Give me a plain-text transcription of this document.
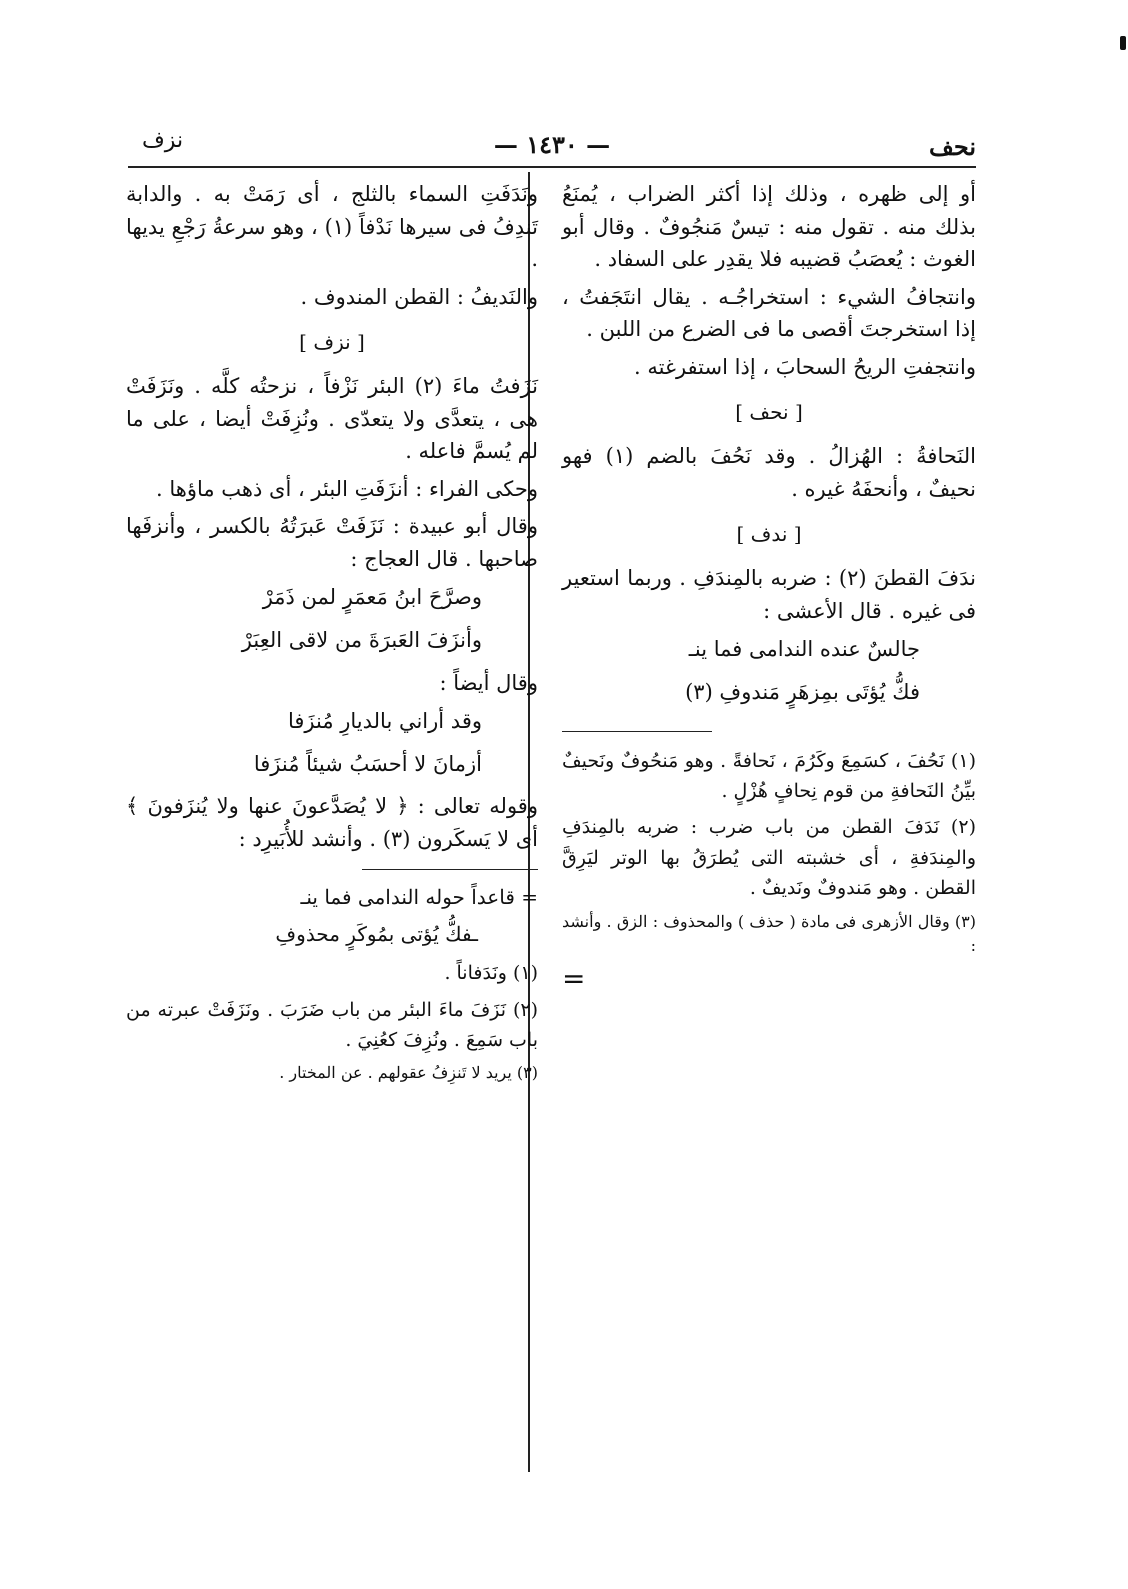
نحف
— ١٤٣٠ —
نزف

أو إلى ظهره ، وذلك إذا أكثر الضراب ، يُمنَعُ بذلك منه . تقول منه : تيسٌ مَنجُوفٌ . وقال أبو الغوث : يُعصَبُ قضيبه فلا يقدِر على السفاد .

وانتجافُ الشيء : استخراجُـه . يقال انتَجَفتُ ، إذا استخرجتَ أقصى ما فى الضرع من اللبن .

وانتجفتِ الريحُ السحابَ ، إذا استفرغته .

[ نحف ]

النَحافةُ : الهُزالُ . وقد نَحُفَ بالضم (١) فهو نحيفٌ ، وأنحفَهُ غيره .

[ ندف ]

ندَفَ القطنَ (٢) : ضربه بالمِندَفِ . وربما استعير فى غيره . قال الأعشى :

جالسٌ عنده الندامى فما ينـ
فكُّ يُؤتَى بمِزهَرٍ مَندوفِ (٣)

(١) نَحُفَ ، كسَمِعَ وكَرُمَ ، نَحافةً . وهو مَنحُوفٌ ونَحيفٌ بيِّنُ النَحافةِ من قوم نِحافٍ هُزْلٍ .

(٢) نَدَفَ القطن من باب ضرب : ضربه بالمِندَفِ والمِندَفةِ ، أى خشبته التى يُطرَقُ بها الوتر ليَرِقَّ القطن . وهو مَندوفٌ ونَديفٌ .

(٣) وقال الأزهرى فى مادة ( حذف ) والمحذوف : الزق . وأنشد :

=

ونَدَفَتِ السماء بالثلج ، أى رَمَتْ به . والدابة تَندِفُ فى سيرها نَدْفاً (١) ، وهو سرعةُ رَجْعِ يديها .

والنَديفُ : القطن المندوف .

[ نزف ]

نَزَفتُ ماءَ (٢) البئر نَزْفاً ، نزحتُه كلَّه . ونَزَفَتْ هى ، يتعدَّى ولا يتعدّى . ونُزِفَتْ أيضا ، على ما لم يُسمَّ فاعله .

وحكى الفراء : أنزَفَتِ البئر ، أى ذهب ماؤها .

وقال أبو عبيدة : نَزَفَتْ عَبرَتُهُ بالكسر ، وأنزفَها صاحبها . قال العجاج :

وصرَّحَ ابنُ مَعمَرٍ لمن ذَمَرْ
وأنزَفَ العَبرَةَ من لاقى العِبَرْ

وقال أيضاً :

وقد أراني بالديارِ مُنزَفا
أزمانَ لا أحسَبُ شيئاً مُنزَفا

وقوله تعالى : ﴿ لا يُصَدَّعونَ عنها ولا يُنزَفونَ ﴾ أى لا يَسكَرون (٣) . وأنشد للأُبَيرِد :

= قاعداً حوله الندامى فما ينـ
ـفكُّ يُؤتى بمُوكَرٍ محذوفِ

(١) ونَدَفاناً .

(٢) نَزَفَ ماءَ البئر من باب ضَرَبَ . ونَزَفَتْ عبرته من باب سَمِعَ . ونُزِفَ كعُنِيَ .

(٣) يريد لا تَنزِفُ عقولهم . عن المختار .
